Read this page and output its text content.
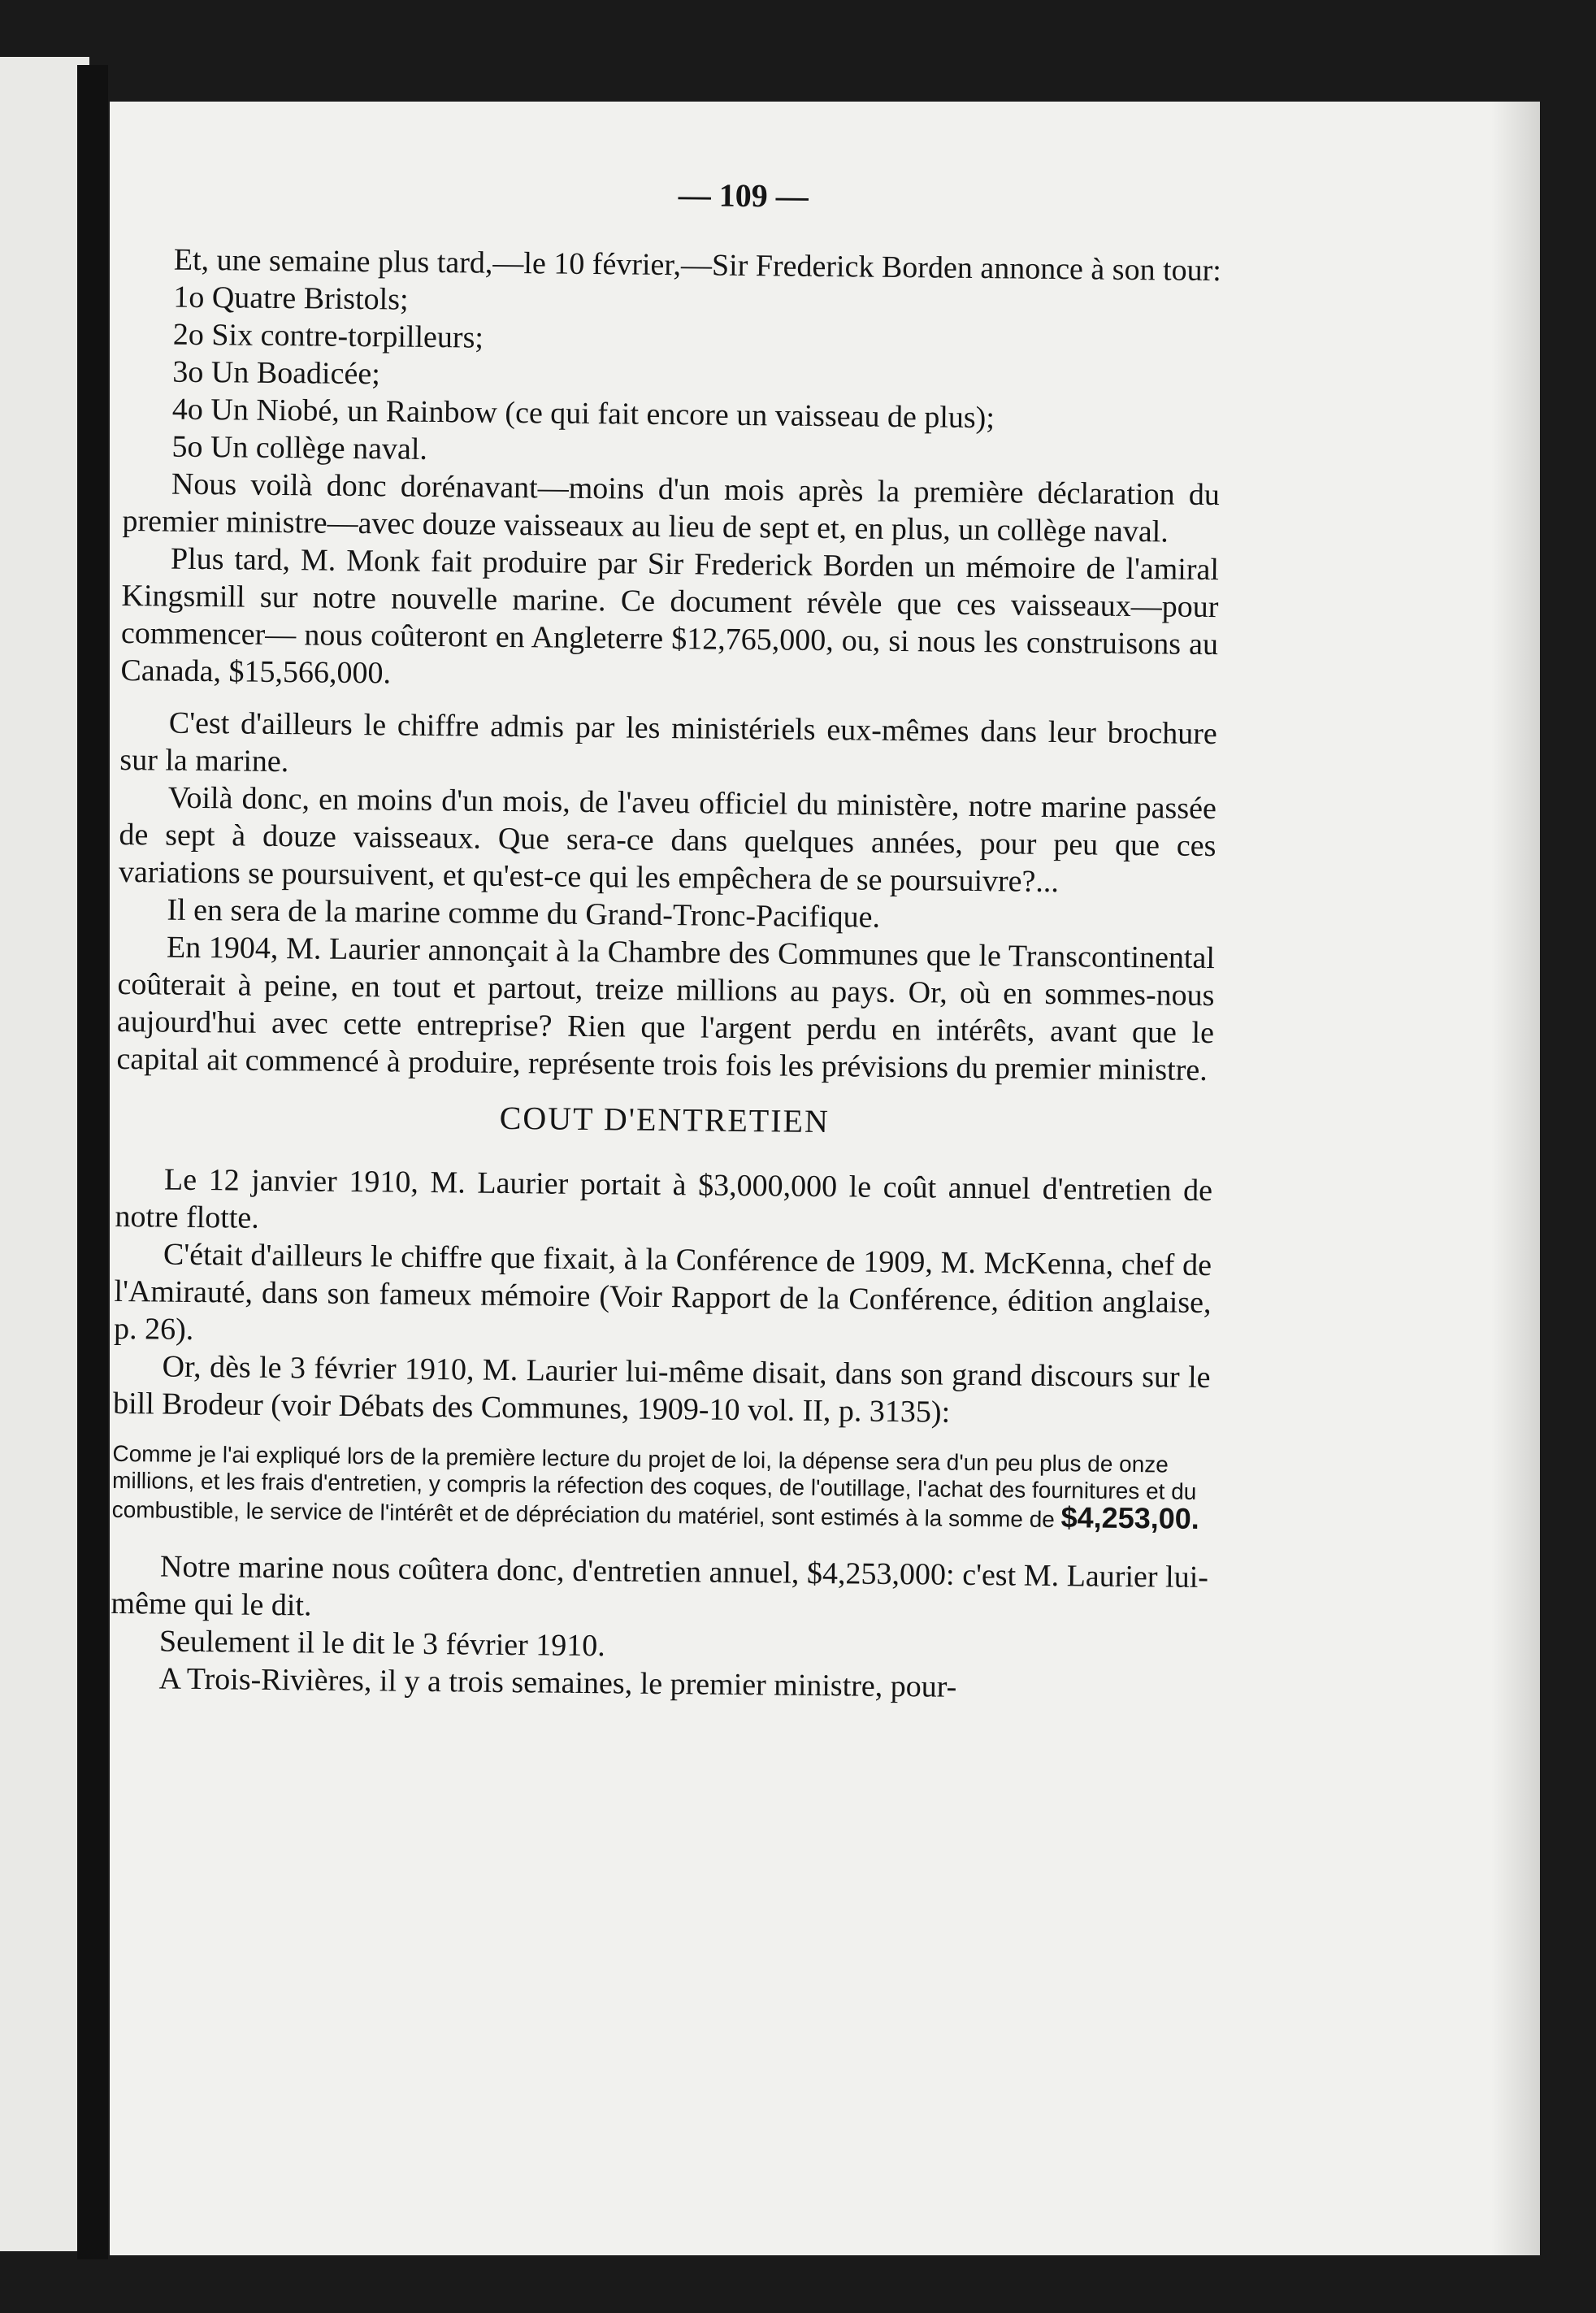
— 109 —

Et, une semaine plus tard,—le 10 février,—Sir Frederick Borden annonce à son tour:

1o Quatre Bristols;

2o Six contre-torpilleurs;

3o Un Boadicée;

4o Un Niobé, un Rainbow (ce qui fait encore un vaisseau de plus);

5o Un collège naval.

Nous voilà donc dorénavant—moins d'un mois après la première déclaration du premier ministre—avec douze vaisseaux au lieu de sept et, en plus, un collège naval.

Plus tard, M. Monk fait produire par Sir Frederick Borden un mémoire de l'amiral Kingsmill sur notre nouvelle marine. Ce document révèle que ces vaisseaux—pour commencer— nous coûteront en Angleterre $12,765,000, ou, si nous les construisons au Canada, $15,566,000.

C'est d'ailleurs le chiffre admis par les ministériels eux-mêmes dans leur brochure sur la marine.

Voilà donc, en moins d'un mois, de l'aveu officiel du ministère, notre marine passée de sept à douze vaisseaux. Que sera-ce dans quelques années, pour peu que ces variations se poursuivent, et qu'est-ce qui les empêchera de se poursuivre?...

Il en sera de la marine comme du Grand-Tronc-Pacifique.

En 1904, M. Laurier annonçait à la Chambre des Communes que le Transcontinental coûterait à peine, en tout et partout, treize millions au pays. Or, où en sommes-nous aujourd'hui avec cette entreprise? Rien que l'argent perdu en intérêts, avant que le capital ait commencé à produire, représente trois fois les prévisions du premier ministre.

COUT D'ENTRETIEN

Le 12 janvier 1910, M. Laurier portait à $3,000,000 le coût annuel d'entretien de notre flotte.

C'était d'ailleurs le chiffre que fixait, à la Conférence de 1909, M. McKenna, chef de l'Amirauté, dans son fameux mémoire (Voir Rapport de la Conférence, édition anglaise, p. 26).

Or, dès le 3 février 1910, M. Laurier lui-même disait, dans son grand discours sur le bill Brodeur (voir Débats des Communes, 1909-10 vol. II, p. 3135):

Comme je l'ai expliqué lors de la première lecture du projet de loi, la dépense sera d'un peu plus de onze millions, et les frais d'entretien, y compris la réfection des coques, de l'outillage, l'achat des fournitures et du combustible, le service de l'intérêt et de dépréciation du matériel, sont estimés à la somme de $4,253,00.

Notre marine nous coûtera donc, d'entretien annuel, $4,253,000: c'est M. Laurier lui-même qui le dit.

Seulement il le dit le 3 février 1910.

A Trois-Rivières, il y a trois semaines, le premier ministre, pour-
